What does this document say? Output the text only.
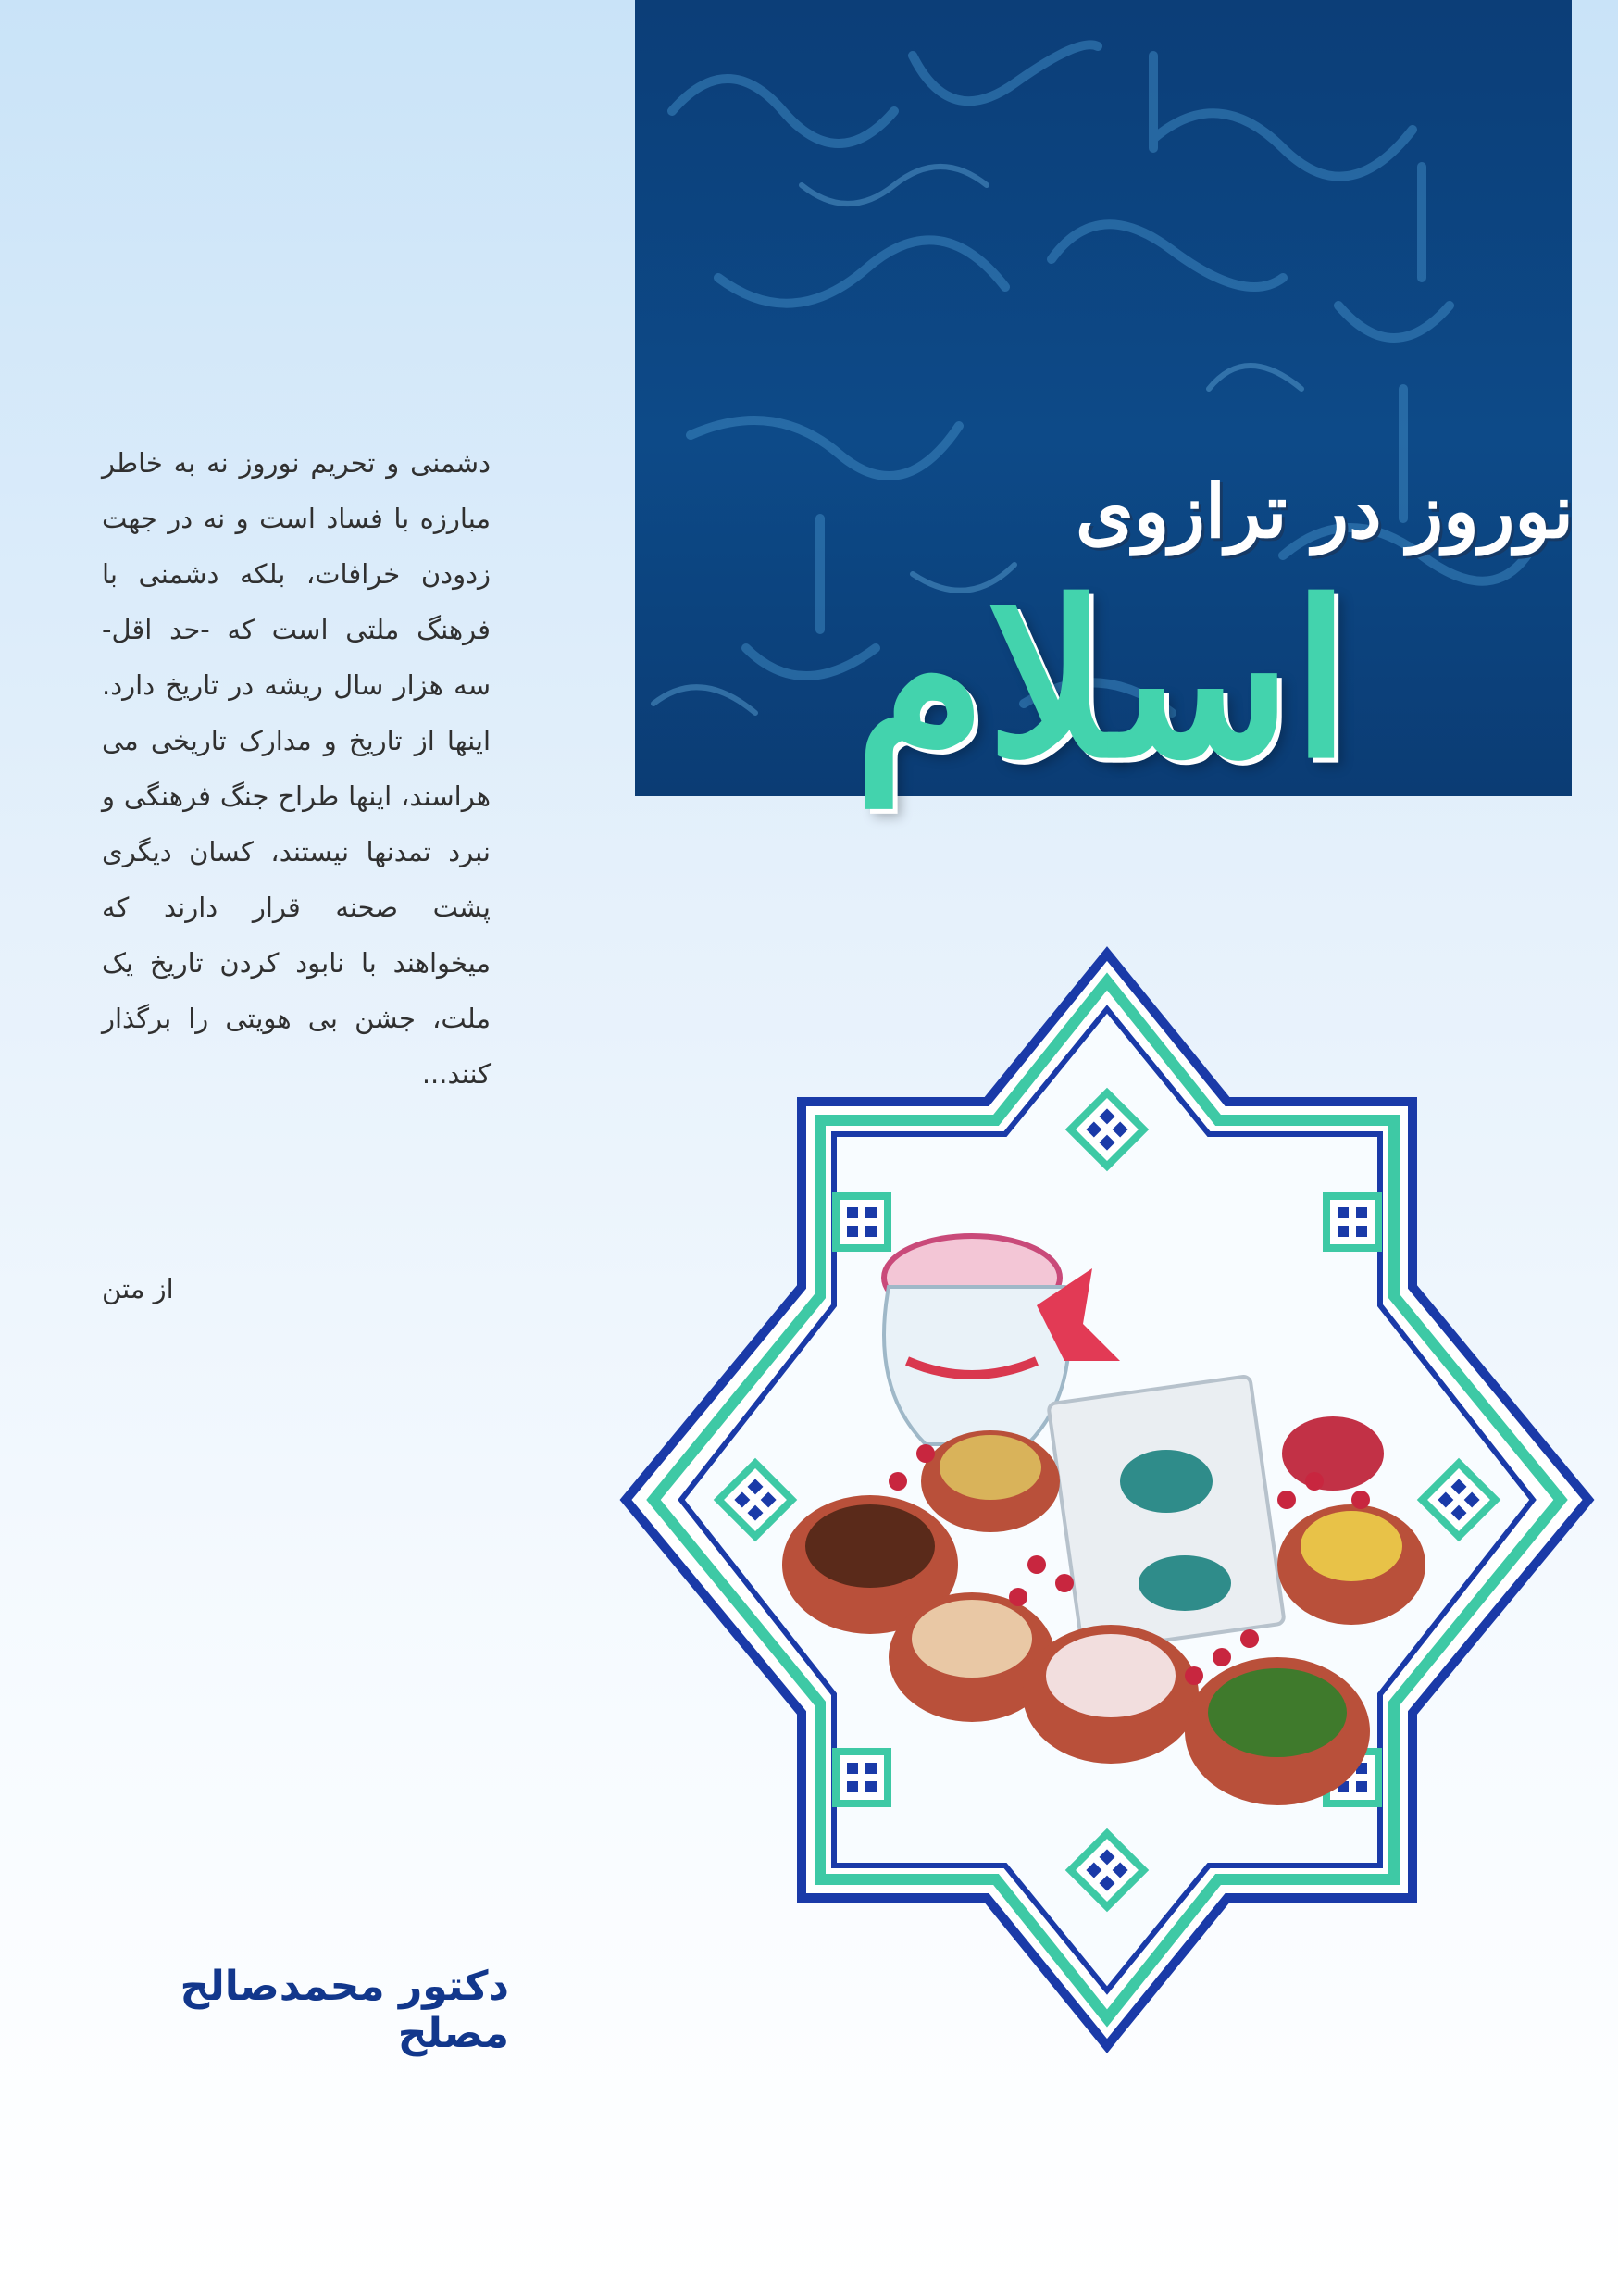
دشمنی و تحریم نوروز نه به خاطر مبارزه با فساد است و نه در جهت زدودن خرافات، بلکه دشمنی با فرهنگ ملتی است که -حد اقل- سه هزار سال ریشه در تاریخ دارد. اینها از تاریخ و مدارک تاریخی می هراسند، اینها طراح جنگ فرهنگی و نبرد تمدنها نیستند، کسان دیگری پشت صحنه قرار دارند که میخواهند با نابود کردن تاریخ یک ملت، جشن بی هویتی را برگذار کنند...
از متن
دکتور محمدصالح مصلح
نوروز در ترازوی
اسلام
